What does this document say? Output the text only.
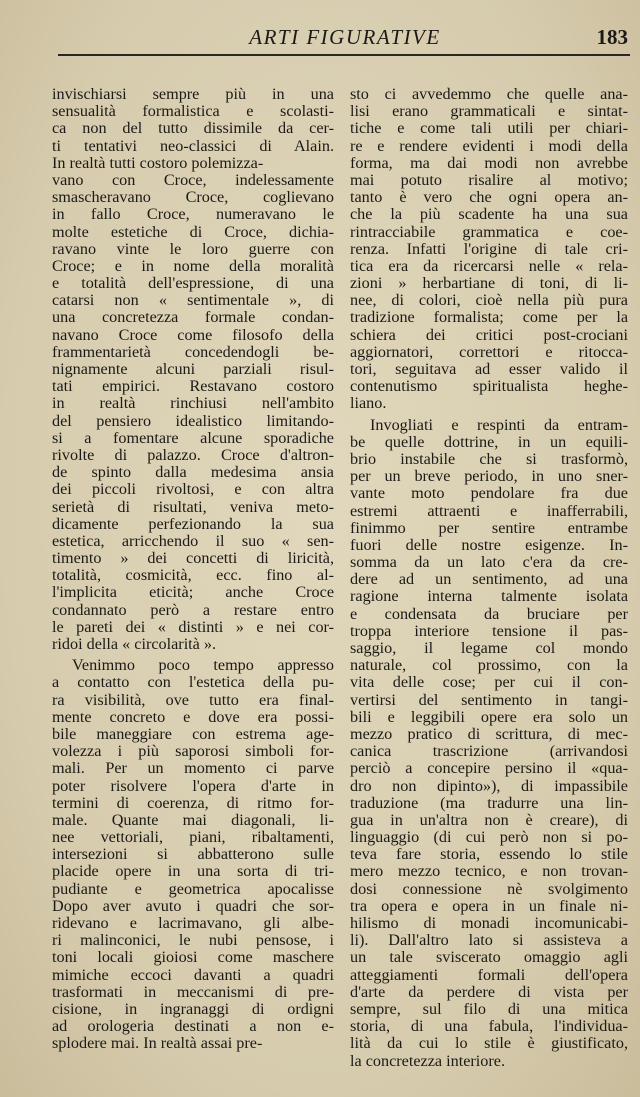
ARTI FIGURATIVE	183
invischiarsi sempre più in una
sensualità formalistica e scolasti-
ca non del tutto dissimile da cer-
ti tentativi neo-classici di Alain.
In realtà tutti costoro polemizza-
vano con Croce, indelessamente
smascheravano Croce, coglievano
in fallo Croce, numeravano le
molte estetiche di Croce, dichia-
ravano vinte le loro guerre con
Croce; e in nome della moralità
e totalità dell'espressione, di una
catarsi non « sentimentale », di
una concretezza formale condan-
navano Croce come filosofo della
frammentarietà concedendogli be-
nignamente alcuni parziali risul-
tati empirici. Restavano costoro
in realtà rinchiusi nell'ambito
del pensiero idealistico limitando-
si a fomentare alcune sporadiche
rivolte di palazzo. Croce d'altron-
de spinto dalla medesima ansia
dei piccoli rivoltosi, e con altra
serietà di risultati, veniva meto-
dicamente perfezionando la sua
estetica, arricchendo il suo « sen-
timento » dei concetti di liricità,
totalità, cosmicità, ecc. fino al-
l'implicita eticità; anche Croce
condannato però a restare entro
le pareti dei « distinti » e nei cor-
ridoi della « circolarità ».
Venimmo poco tempo appresso
a contatto con l'estetica della pu-
ra visibilità, ove tutto era final-
mente concreto e dove era possi-
bile maneggiare con estrema age-
volezza i più saporosi simboli for-
mali. Per un momento ci parve
poter risolvere l'opera d'arte in
termini di coerenza, di ritmo for-
male. Quante mai diagonali, li-
nee vettoriali, piani, ribaltamenti,
intersezioni si abbatterono sulle
placide opere in una sorta di tri-
pudiante e geometrica apocalisse
Dopo aver avuto i quadri che sor-
ridevano e lacrimavano, gli albe-
ri malinconici, le nubi pensose, i
toni locali gioiosi come maschere
mimiche eccoci davanti a quadri
trasformati in meccanismi di pre-
cisione, in ingranaggi di ordigni
ad orologeria destinati a non e-
splodere mai. In realtà assai pre-
sto ci avvedemmo che quelle ana-
lisi erano grammaticali e sintat-
tiche e come tali utili per chiari-
re e rendere evidenti i modi della
forma, ma dai modi non avrebbe
mai potuto risalire al motivo;
tanto è vero che ogni opera an-
che la più scadente ha una sua
rintracciabile grammatica e coe-
renza. Infatti l'origine di tale cri-
tica era da ricercarsi nelle « rela-
zioni » herbartiane di toni, di li-
nee, di colori, cioè nella più pura
tradizione formalista; come per la
schiera dei critici post-crociani
aggiornatori, correttori e ritocca-
tori, seguitava ad esser valido il
contenutismo spiritualista heghe-
liano.
Invogliati e respinti da entram-
be quelle dottrine, in un equili-
brio instabile che si trasformò,
per un breve periodo, in uno sner-
vante moto pendolare fra due
estremi attraenti e inafferrabili,
finimmo per sentire entrambe
fuori delle nostre esigenze. In-
somma da un lato c'era da cre-
dere ad un sentimento, ad una
ragione interna talmente isolata
e condensata da bruciare per
troppa interiore tensione il pas-
saggio, il legame col mondo
naturale, col prossimo, con la
vita delle cose; per cui il con-
vertirsi del sentimento in tangi-
bili e leggibili opere era solo un
mezzo pratico di scrittura, di mec-
canica trascrizione (arrivandosi
perciò a concepire persino il «qua-
dro non dipinto»), di impassibile
traduzione (ma tradurre una lin-
gua in un'altra non è creare), di
linguaggio (di cui però non si po-
teva fare storia, essendo lo stile
mero mezzo tecnico, e non trovan-
dosi connessione nè svolgimento
tra opera e opera in un finale ni-
hilismo di monadi incomunicabi-
li). Dall'altro lato si assisteva a
un tale sviscerato omaggio agli
atteggiamenti formali dell'opera
d'arte da perdere di vista per
sempre, sul filo di una mitica
storia, di una fabula, l'individua-
lità da cui lo stile è giustificato,
la concretezza interiore.
